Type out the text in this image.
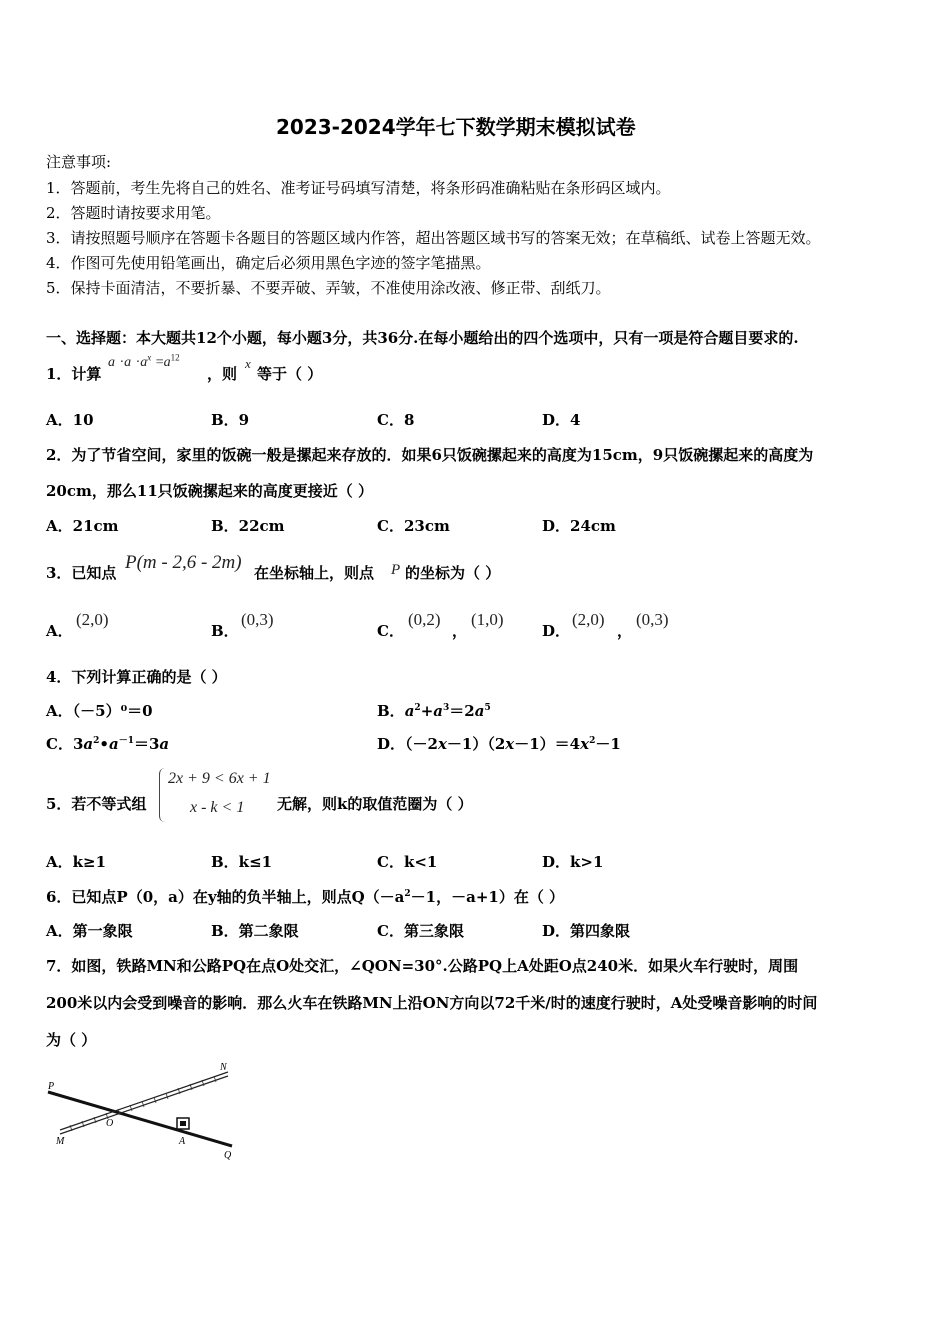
2023-2024学年七下数学期末模拟试卷
注意事项:
1．答题前，考生先将自己的姓名、准考证号码填写清楚，将条形码准确粘贴在条形码区域内。
2．答题时请按要求用笔。
3．请按照题号顺序在答题卡各题目的答题区域内作答，超出答题区域书写的答案无效；在草稿纸、试卷上答题无效。
4．作图可先使用铅笔画出，确定后必须用黑色字迹的签字笔描黑。
5．保持卡面清洁，不要折暴、不要弄破、弄皱，不准使用涂改液、修正带、刮纸刀。
一、选择题：本大题共12个小题，每小题3分，共36分.在每小题给出的四个选项中，只有一项是符合题目要求的.
1．计算
$a \cdot a \cdot a^x =a^{12}$
，则
x
等于（ ）
A．10	B．9	C．8	D．4
2．为了节省空间，家里的饭碗一般是摞起来存放的．如果6只饭碗摞起来的高度为15cm，9只饭碗摞起来的高度为
20cm，那么11只饭碗摞起来的高度更接近（ ）
A．21cm	B．22cm	C．23cm	D．24cm
3．已知点 P(m - 2,6 - 2m) 在坐标轴上，则点 P 的坐标为（ ）
A．
(2,0)
B．
(0,3)
C．
(0,2)
，
(1,0)
D．
(2,0)
，
(0,3)
4．下列计算正确的是（ ）
A．（－5）⁰＝0	B．$a^2+a^3=2a^5$
C．$3a^2•a^{-1}=3a$	D．$(-2x-1)(2x-1)=4x^2-1$
5．若不等式组
2x + 9 < 6x + 1
x - k < 1 无解，则k的取值范圈为（ ）
A．k≥1	B．k≤1	C．k<1	D．k>1
6．已知点P（0，a）在y轴的负半轴上，则点$Q(-a^2-1$，－a+1）在（ ）
A．第一象限	B．第二象限	C．第三象限	D．第四象限
7．如图，铁路MN和公路PQ在点O处交汇，∠QON=30°.公路PQ上A处距O点240米．如果火车行驶时，周围
200米以内会受到噪音的影响．那么火车在铁路MN上沿ON方向以72千米/时的速度行驶时，A处受噪音影响的时间
为（ ）
P
N
M
O
A
Q
